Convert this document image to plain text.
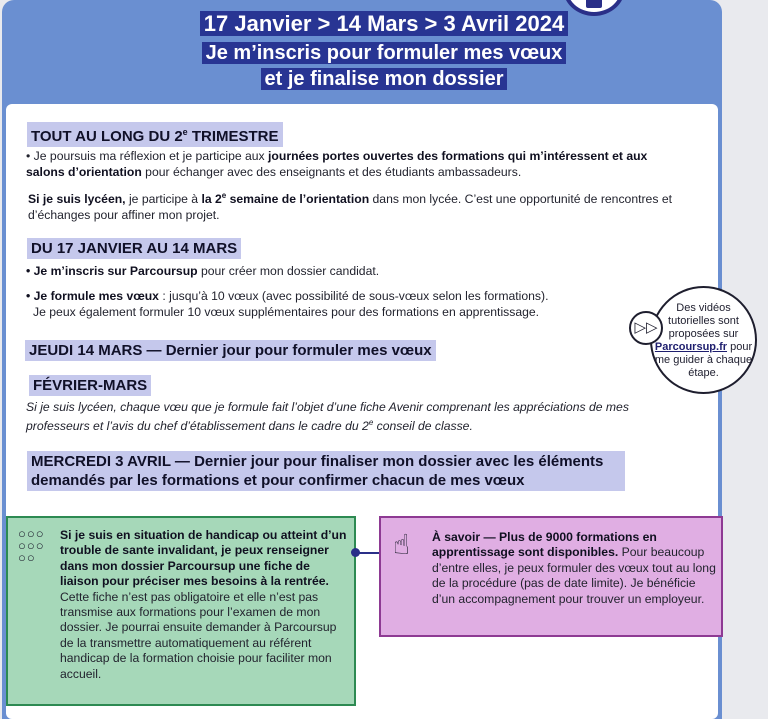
17 Janvier > 14 Mars > 3 Avril 2024
Je m’inscris pour formuler mes vœux
et je finalise mon dossier
TOUT AU LONG DU 2e TRIMESTRE
• Je poursuis ma réflexion et je participe aux journées portes ouvertes des formations qui m’intéressent et aux salons d’orientation pour échanger avec des enseignants et des étudiants ambassadeurs.
Si je suis lycéen, je participe à la 2e semaine de l’orientation dans mon lycée. C’est une opportunité de rencontres et d’échanges pour affiner mon projet.
DU 17 JANVIER AU 14 MARS
• Je m’inscris sur Parcoursup pour créer mon dossier candidat.
• Je formule mes vœux : jusqu’à 10 vœux (avec possibilité de sous-vœux selon les formations).
Je peux également formuler 10 vœux supplémentaires pour des formations en apprentissage.	Des vidéos tutorielles sont proposées sur Parcoursup.fr pour me guider à chaque étape.
▷▷
JEUDI 14 MARS — Dernier jour pour formuler mes vœux
FÉVRIER-MARS
Si je suis lycéen, chaque vœu que je formule fait l’objet d’une fiche Avenir comprenant les appréciations de mes professeurs et l’avis du chef d’établissement dans le cadre du 2e conseil de classe.
MERCREDI 3 AVRIL — Dernier jour pour finaliser mon dossier avec les éléments demandés par les formations et pour confirmer chacun de mes vœux
○○○
○○○
○○
Si je suis en situation de handicap ou atteint d’un trouble de sante invalidant, je peux renseigner dans mon dossier Parcoursup une fiche de liaison pour préciser mes besoins à la rentrée. Cette fiche n’est pas obligatoire et elle n’est pas transmise aux formations pour l’examen de mon dossier. Je pourrai ensuite demander à Parcoursup de la transmettre automatiquement au référent handicap de la formation choisie pour faciliter mon accueil.
☝ À savoir — Plus de 9000 formations en apprentissage sont disponibles. Pour beaucoup d’entre elles, je peux formuler des vœux tout au long de la procédure (pas de date limite). Je bénéficie d’un accompagnement pour trouver un employeur.
